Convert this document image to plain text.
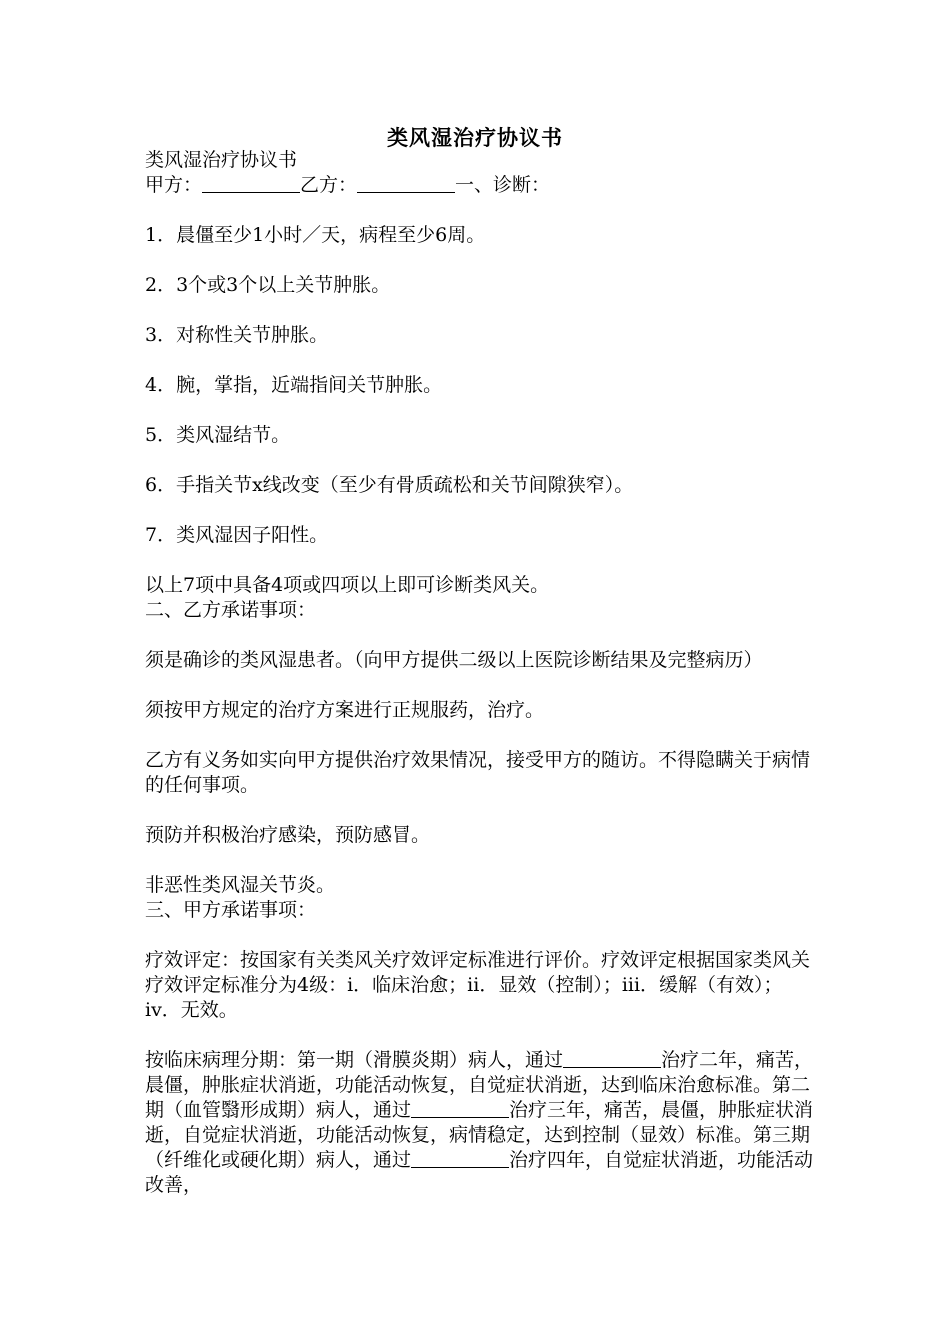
类风湿治疗协议书

类风湿治疗协议书

甲方：	乙方：	一、诊断：

1．晨僵至少1小时／天，病程至少6周。

2．3个或3个以上关节肿胀。

3．对称性关节肿胀。

4．腕，掌指，近端指间关节肿胀。

5．类风湿结节。

6．手指关节x线改变（至少有骨质疏松和关节间隙狭窄）。

7．类风湿因子阳性。

以上7项中具备4项或四项以上即可诊断类风关。

二、乙方承诺事项：

须是确诊的类风湿患者。（向甲方提供二级以上医院诊断结果及完整病历）

须按甲方规定的治疗方案进行正规服药，治疗。

乙方有义务如实向甲方提供治疗效果情况，接受甲方的随访。不得隐瞒关于病情的任何事项。

预防并积极治疗感染，预防感冒。

非恶性类风湿关节炎。

三、甲方承诺事项：

疗效评定：按国家有关类风关疗效评定标准进行评价。疗效评定根据国家类风关疗效评定标准分为4级：i．临床治愈；ii．显效（控制）；iii．缓解（有效）；iv．无效。

按临床病理分期：第一期（滑膜炎期）病人，通过	治疗二年，痛苦，晨僵，肿胀症状消逝，功能活动恢复，自觉症状消逝，达到临床治愈标准。第二期（血管翳形成期）病人，通过	治疗三年，痛苦，晨僵，肿胀症状消逝，自觉症状消逝，功能活动恢复，病情稳定，达到控制（显效）标准。第三期（纤维化或硬化期）病人，通过	治疗四年，自觉症状消逝，功能活动改善，
